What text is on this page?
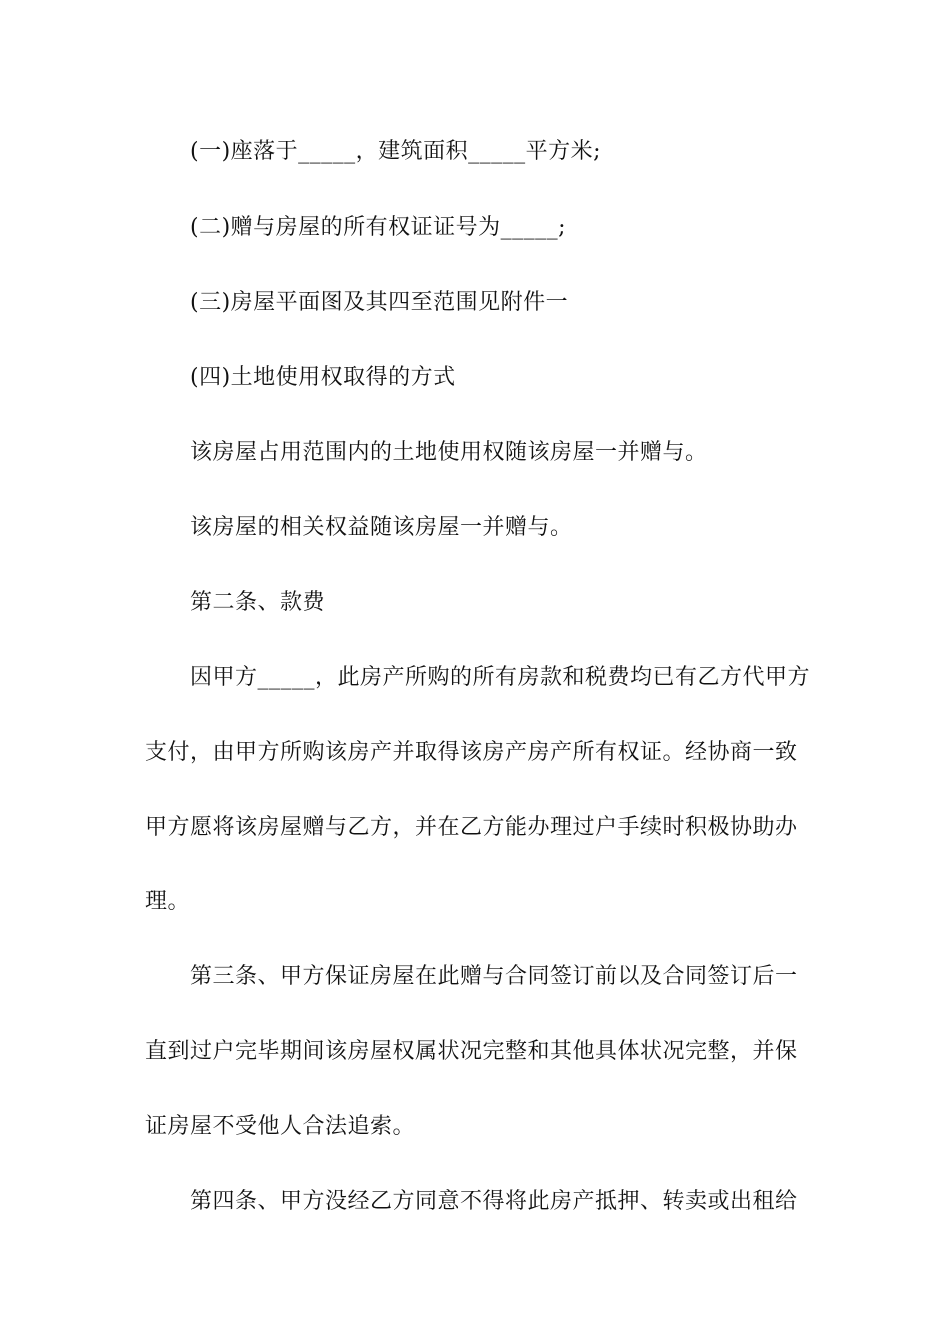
(一)座落于_____，建筑面积_____平方米;
(二)赠与房屋的所有权证证号为_____;
(三)房屋平面图及其四至范围见附件一
(四)土地使用权取得的方式
该房屋占用范围内的土地使用权随该房屋一并赠与。
该房屋的相关权益随该房屋一并赠与。
第二条、款费
因甲方_____，此房产所购的所有房款和税费均已有乙方代甲方
支付，由甲方所购该房产并取得该房产房产所有权证。经协商一致
甲方愿将该房屋赠与乙方，并在乙方能办理过户手续时积极协助办
理。
第三条、甲方保证房屋在此赠与合同签订前以及合同签订后一
直到过户完毕期间该房屋权属状况完整和其他具体状况完整，并保
证房屋不受他人合法追索。
第四条、甲方没经乙方同意不得将此房产抵押、转卖或出租给
